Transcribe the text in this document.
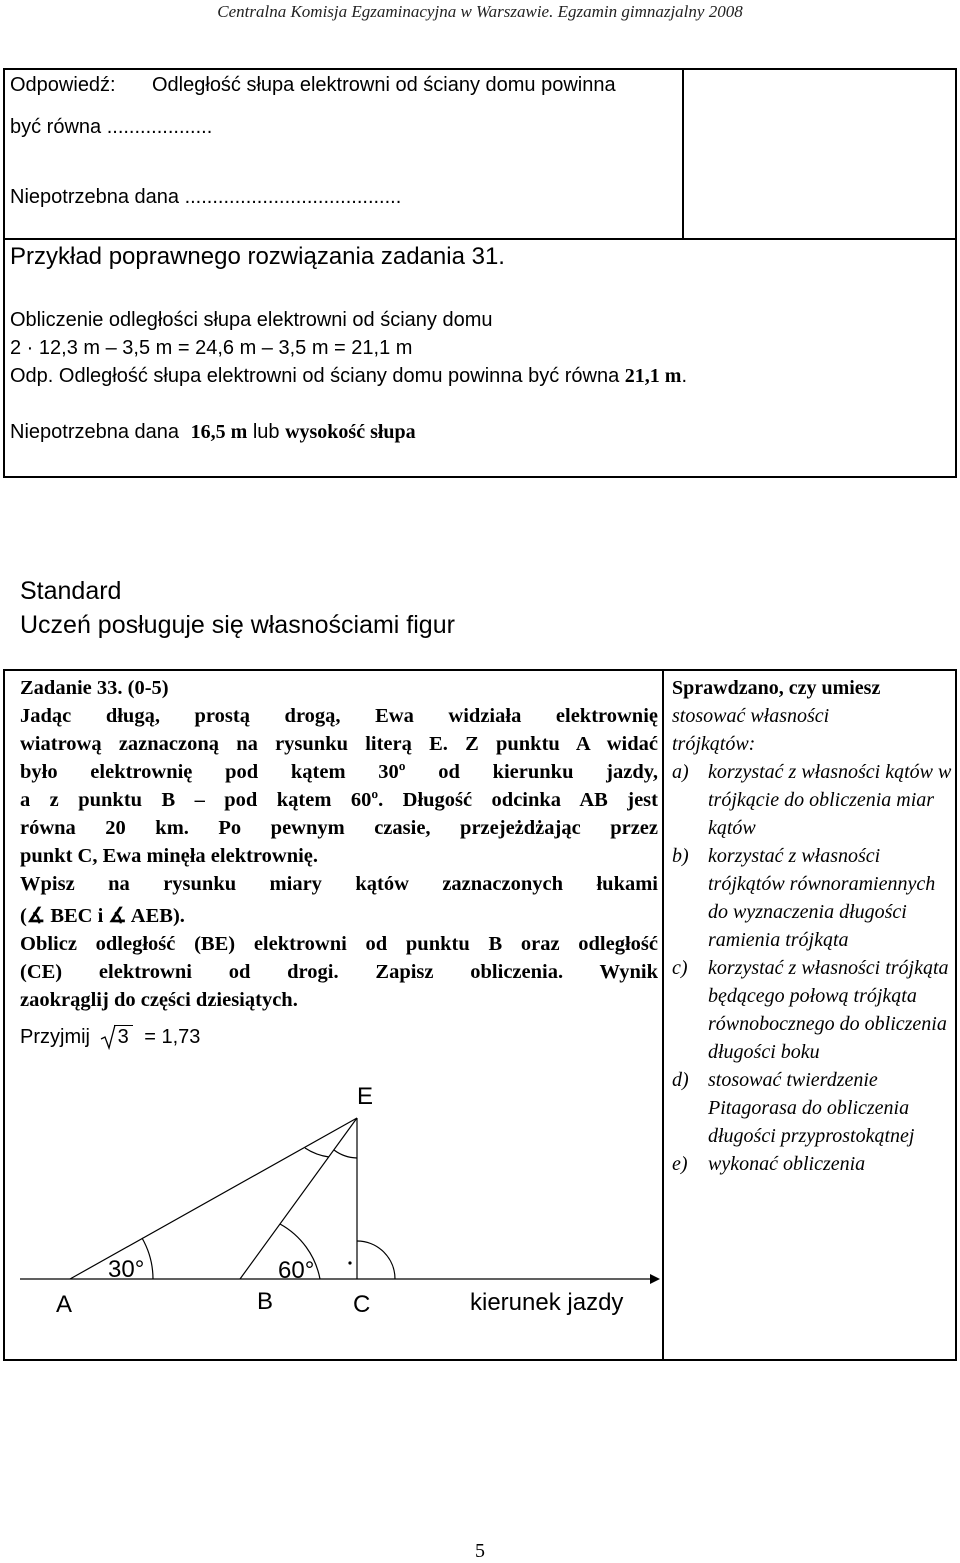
Centralna Komisja Egzaminacyjna w Warszawie. Egzamin gimnazjalny 2008
Odpowiedź: Odległość słupa elektrowni od ściany domu powinna
być równa ...................
Niepotrzebna dana .......................................
Przykład poprawnego rozwiązania zadania 31.
Obliczenie odległości słupa elektrowni od ściany domu
2 · 12,3 m – 3,5 m = 24,6 m – 3,5 m = 21,1 m
Odp. Odległość słupa elektrowni od ściany domu powinna być równa 21,1 m.
Niepotrzebna dana 16,5 m lub wysokość słupa
Standard
Uczeń posługuje się własnościami figur

Zadanie 33. (0-5)

Jadąc długą, prostą drogą, Ewa widziała elektrownię

wiatrową zaznaczoną na rysunku literą E. Z punktu A widać

było elektrownię pod kątem 30º od kierunku jazdy,

a z punktu B – pod kątem 60º. Długość odcinka AB jest

równa 20 km. Po pewnym czasie, przejeżdżając przez

punkt C, Ewa minęła elektrownię.

Wpisz na rysunku miary kątów zaznaczonych łukami

(∡ BEC i ∡ AEB).

Oblicz odległość (BE) elektrowni od punktu B oraz odległość

(CE) elektrowni od drogi. Zapisz obliczenia. Wynik

zaokrąglij do części dziesiątych.

Przyjmij 3 = 1,73
A	B	C
E
30°	60°
kierunek jazdy
Sprawdzano, czy umiesz
stosować własności
trójkątów:
a) korzystać z własności kątów w trójkącie do obliczenia miar kątów
b) korzystać z własności trójkątów równoramiennych do wyznaczenia długości ramienia trójkąta
c) korzystać z własności trójkąta będącego połową trójkąta równobocznego do obliczenia długości boku
d) stosować twierdzenie Pitagorasa do obliczenia długości przyprostokątnej
e) wykonać obliczenia
5
